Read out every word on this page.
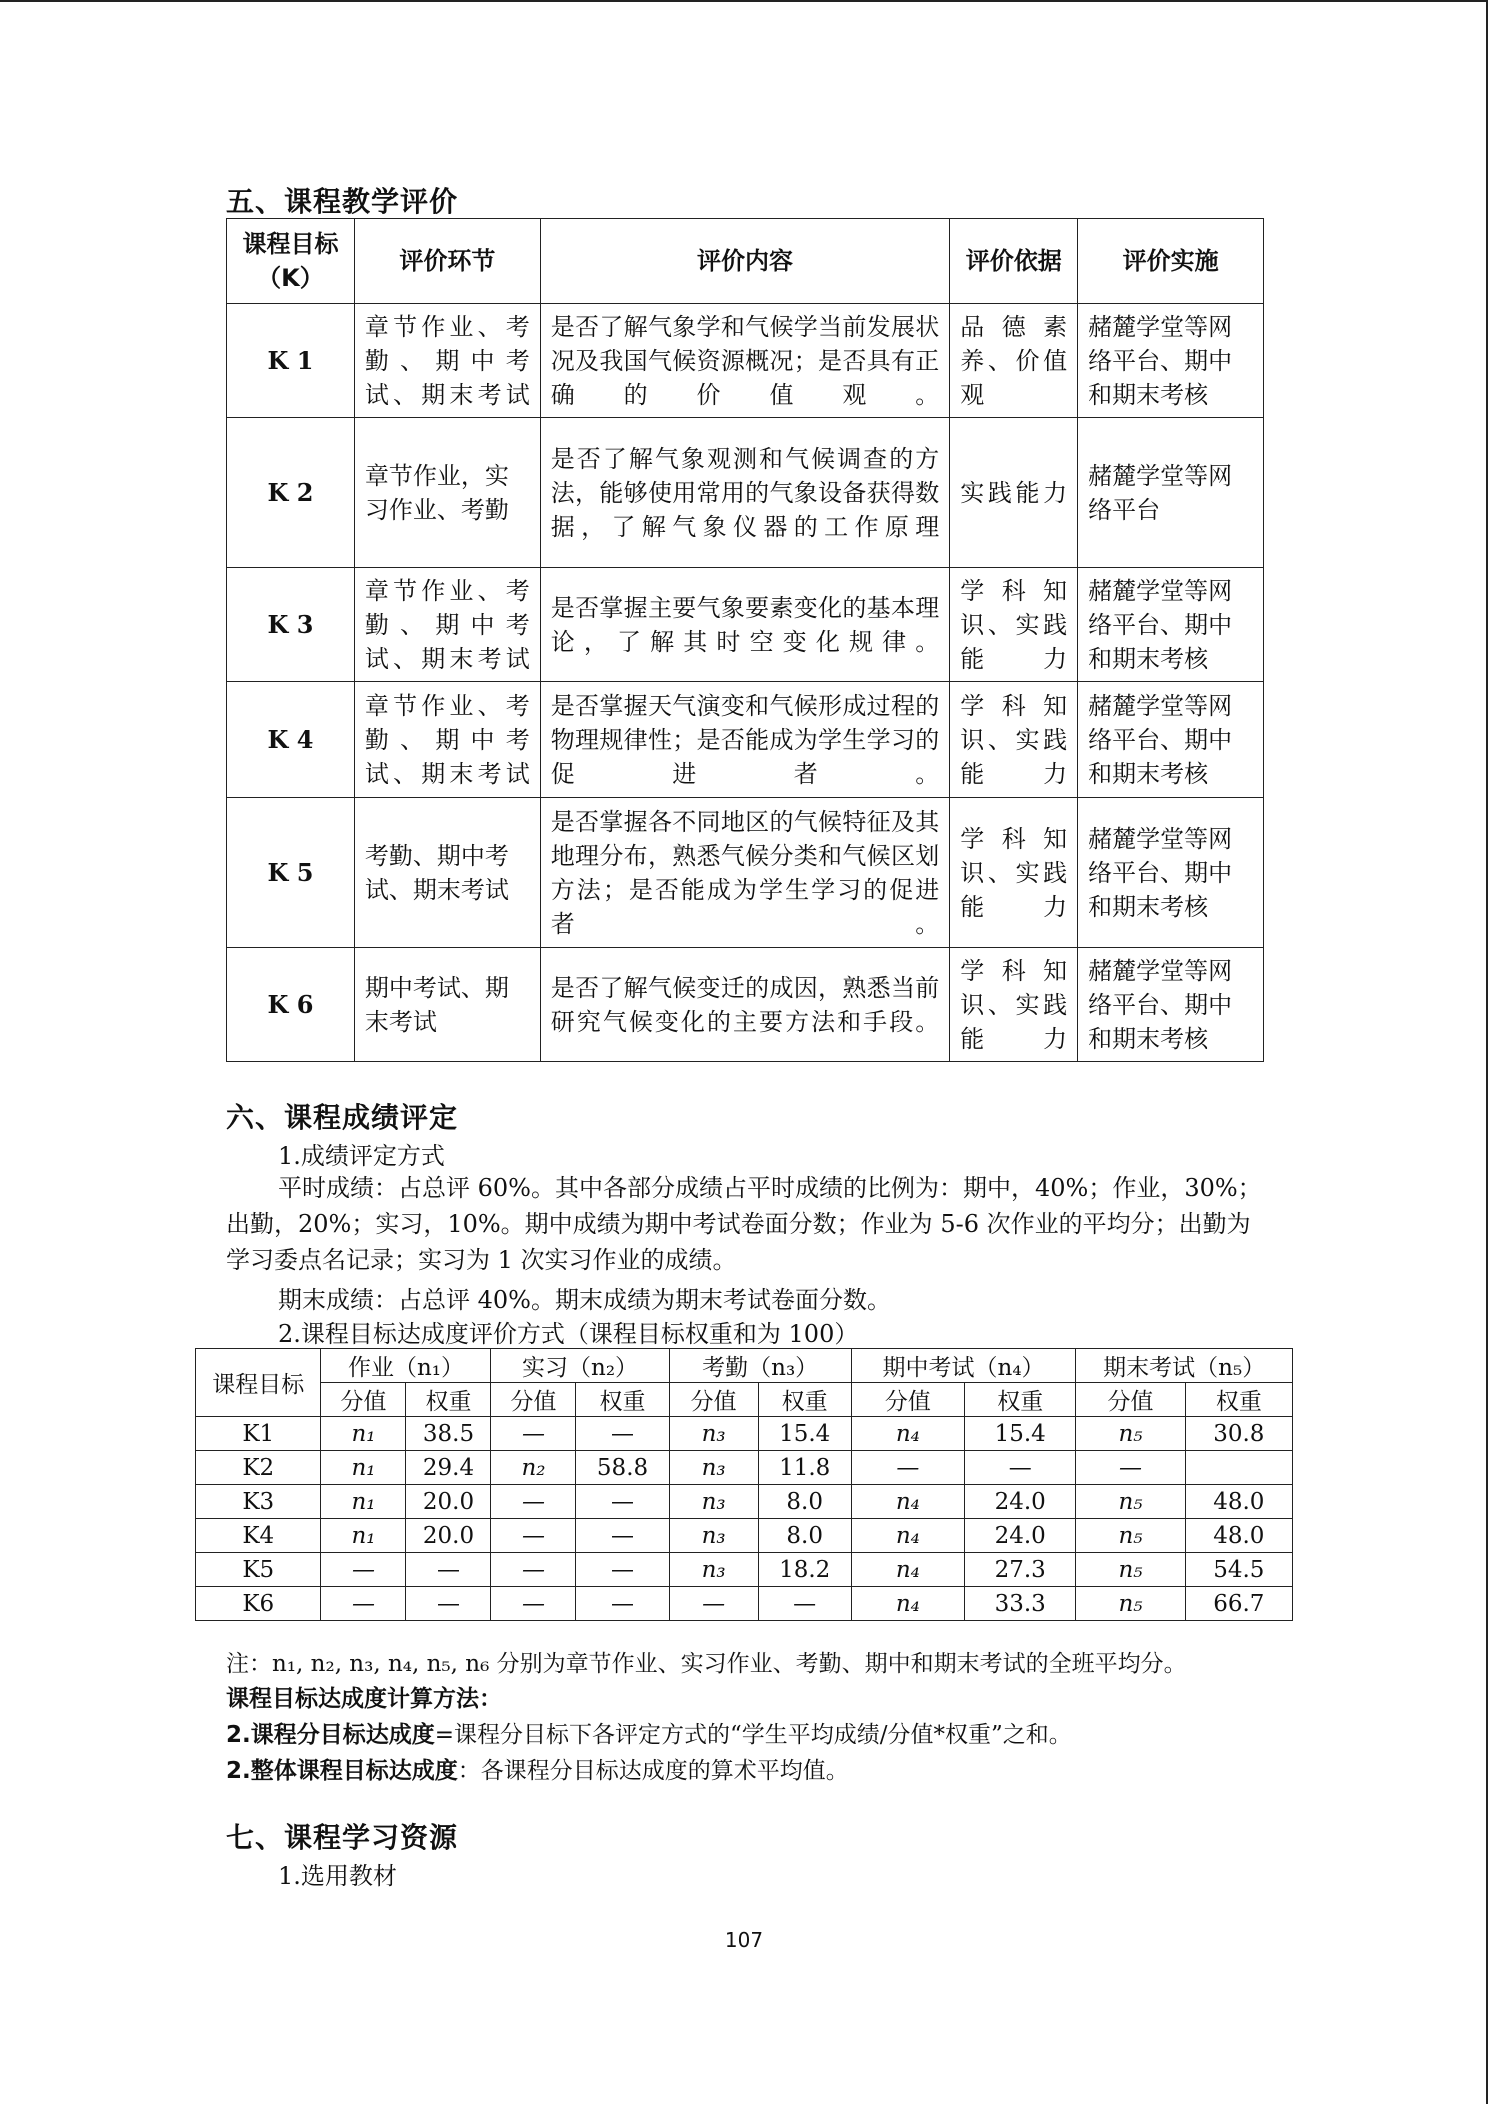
五、课程教学评价
课程目标（K）	评价环节	评价内容	评价依据	评价实施
K 1	章节作业、考勤、期中考试、期末考试	是否了解气象学和气候学当前发展状况及我国气候资源概况；是否具有正确的价值观。	品德素养、价值观	赭麓学堂等网络平台、期中和期末考核
K 2	章节作业，实习作业、考勤	是否了解气象观测和气候调查的方法，能够使用常用的气象设备获得数据，了解气象仪器的工作原理	实践能力	赭麓学堂等网络平台
K 3	章节作业、考勤、期中考试、期末考试	是否掌握主要气象要素变化的基本理论，了解其时空变化规律。	学科知识、实践能力	赭麓学堂等网络平台、期中和期末考核
K 4	章节作业、考勤、期中考试、期末考试	是否掌握天气演变和气候形成过程的物理规律性；是否能成为学生学习的促进者。	学科知识、实践能力	赭麓学堂等网络平台、期中和期末考核
K 5	考勤、期中考试、期末考试	是否掌握各不同地区的气候特征及其地理分布，熟悉气候分类和气候区划方法；是否能成为学生学习的促进者。	学科知识、实践能力	赭麓学堂等网络平台、期中和期末考核
K 6	期中考试、期末考试	是否了解气候变迁的成因，熟悉当前研究气候变化的主要方法和手段。	学科知识、实践能力	赭麓学堂等网络平台、期中和期末考核
六、课程成绩评定
1.成绩评定方式
平时成绩：占总评 60%。其中各部分成绩占平时成绩的比例为：期中，40%；作业，30%；出勤，20%；实习，10%。期中成绩为期中考试卷面分数；作业为 5-6 次作业的平均分；出勤为学习委点名记录；实习为 1 次实习作业的成绩。
期末成绩：占总评 40%。期末成绩为期末考试卷面分数。
2.课程目标达成度评价方式（课程目标权重和为 100）
课程目标	作业（n₁）		实习（n₂）		考勤（n₃）		期中考试（n₄）		期末考试（n₅）	
	分值	权重	分值	权重	分值	权重	分值	权重	分值	权重
K1	n₁	38.5	—	—	n₃	15.4	n₄	15.4	n₅	30.8
K2	n₁	29.4	n₂	58.8	n₃	11.8	—	—	—	
K3	n₁	20.0	—	—	n₃	8.0	n₄	24.0	n₅	48.0
K4	n₁	20.0	—	—	n₃	8.0	n₄	24.0	n₅	48.0
K5	—	—	—	—	n₃	18.2	n₄	27.3	n₅	54.5
K6	—	—	—	—	—	—	n₄	33.3	n₅	66.7
注：n₁, n₂, n₃, n₄, n₅, n₆ 分别为章节作业、实习作业、考勤、期中和期末考试的全班平均分。
课程目标达成度计算方法：
2.课程分目标达成度=课程分目标下各评定方式的“学生平均成绩/分值*权重”之和。
2.整体课程目标达成度：各课程分目标达成度的算术平均值。
七、课程学习资源
1.选用教材
107
